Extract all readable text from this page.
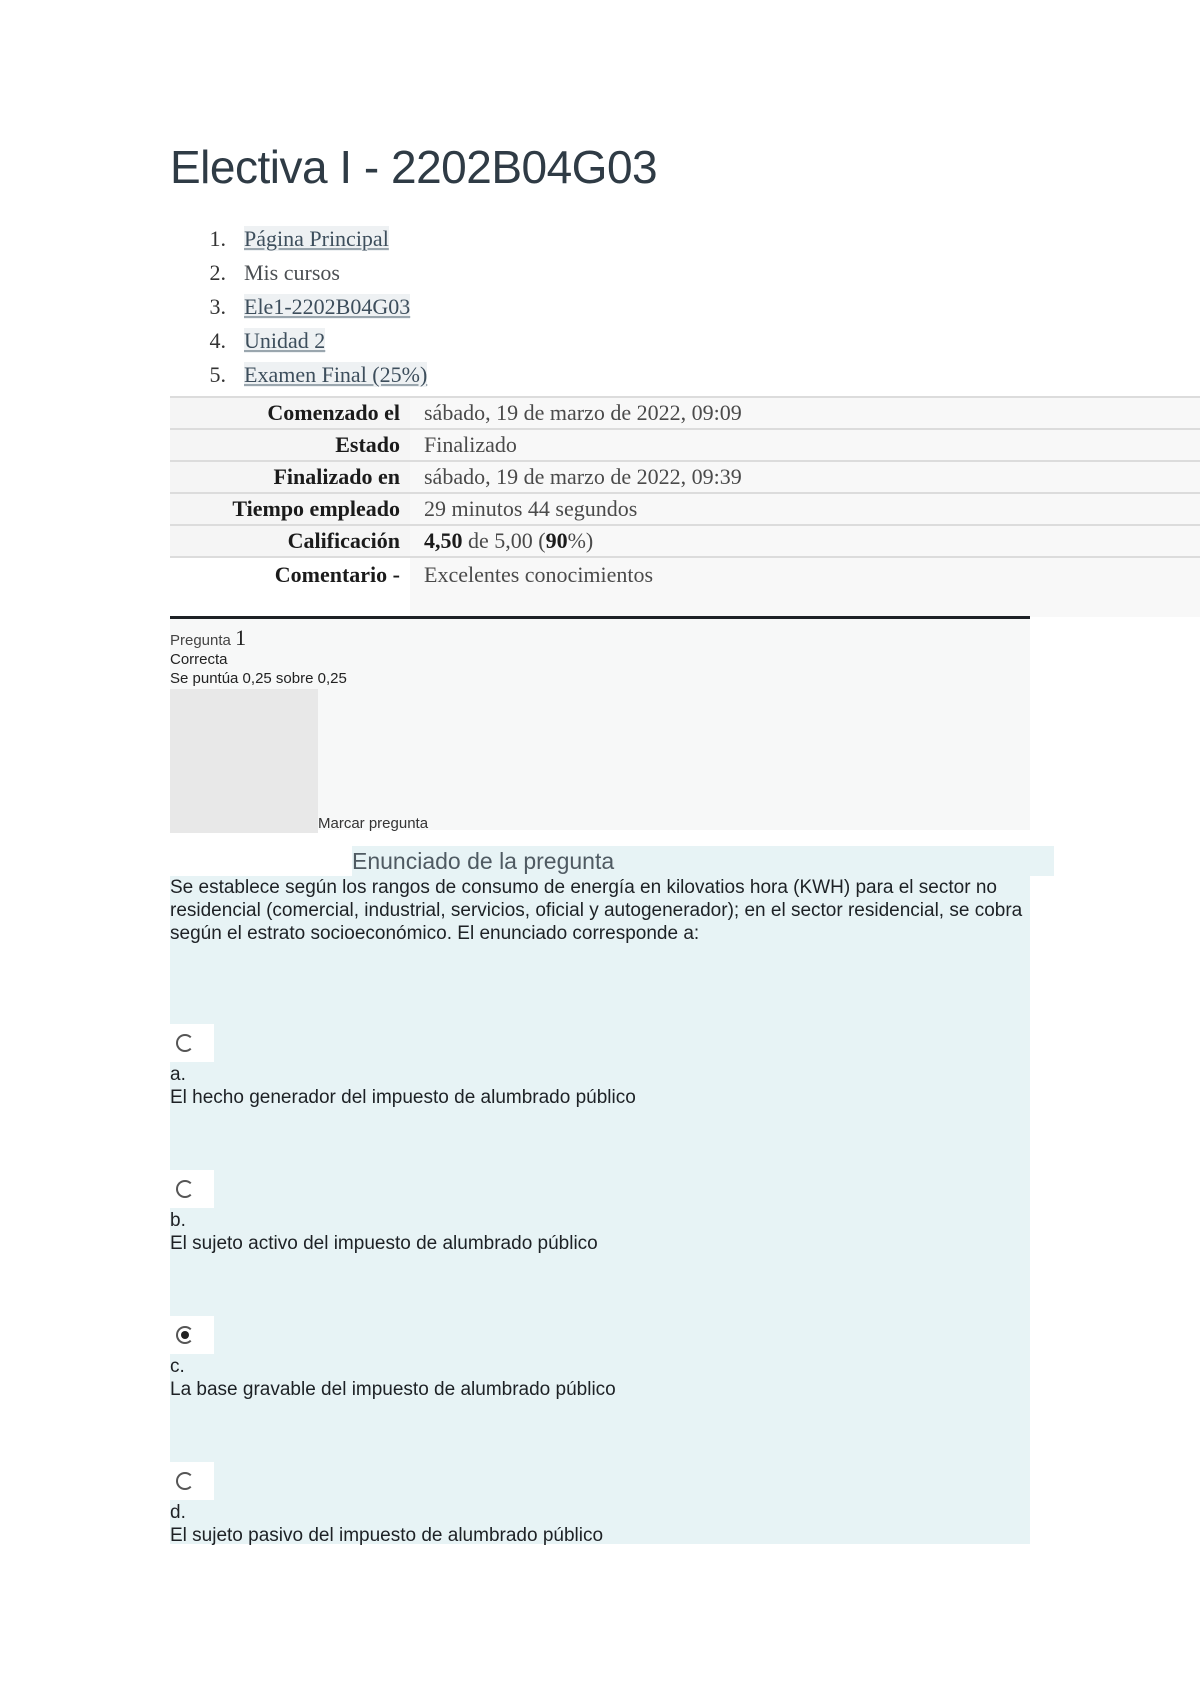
Electiva I - 2202B04G03
1. Página Principal
2. Mis cursos
3. Ele1-2202B04G03
4. Unidad 2
5. Examen Final (25%)
Comenzado el	sábado, 19 de marzo de 2022, 09:09
Estado	Finalizado
Finalizado en	sábado, 19 de marzo de 2022, 09:39
Tiempo empleado	29 minutos 44 segundos
Calificación	4,50 de 5,00 (90%)
Comentario -	Excelentes conocimientos
Pregunta 1
Correcta
Se puntúa 0,25 sobre 0,25
Marcar pregunta
Enunciado de la pregunta

Se establece según los rangos de consumo de energía en kilovatios hora (KWH) para el sector no residencial (comercial, industrial, servicios, oficial y autogenerador); en el sector residencial, se cobra según el estrato socioeconómico. El enunciado corresponde a:

a.
El hecho generador del impuesto de alumbrado público
b.
El sujeto activo del impuesto de alumbrado público
c.
La base gravable del impuesto de alumbrado público
d.
El sujeto pasivo del impuesto de alumbrado público
